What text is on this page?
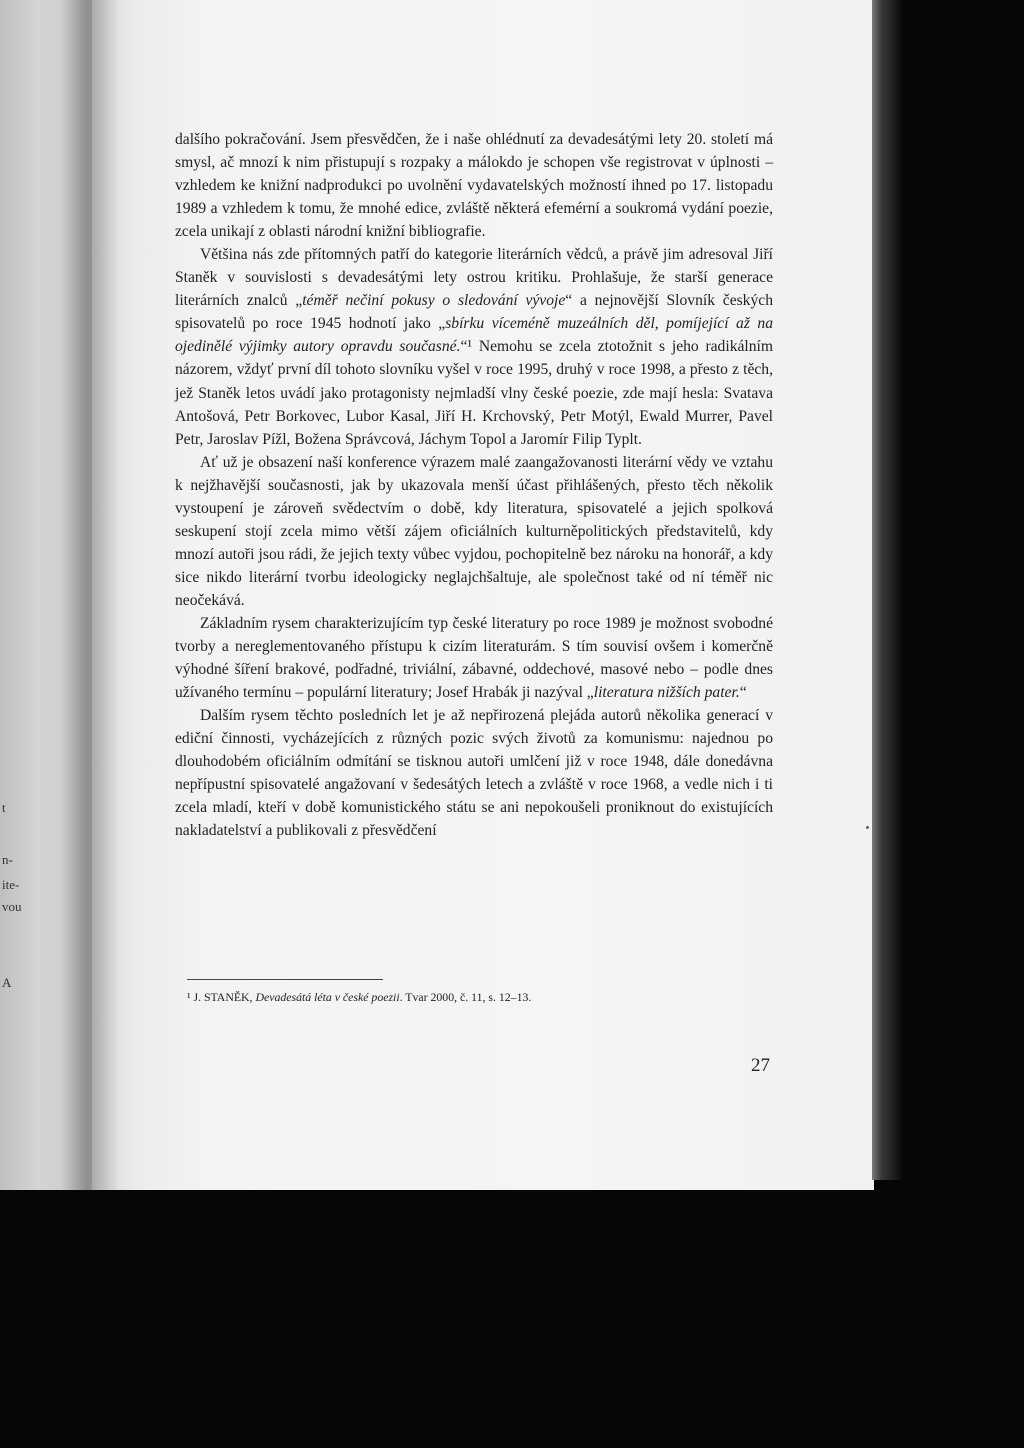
t
n-
ite-
vou
A

dalšího pokračování. Jsem přesvědčen, že i naše ohlédnutí za devadesátými lety 20. století má smysl, ač mnozí k nim přistupují s rozpaky a málokdo je schopen vše registrovat v úplnosti – vzhledem ke knižní nadprodukci po uvolnění vydavatelských možností ihned po 17. listopadu 1989 a vzhledem k tomu, že mnohé edice, zvláště některá efemérní a soukromá vydání poezie, zcela unikají z oblasti národní knižní bibliografie.

Většina nás zde přítomných patří do kategorie literárních vědců, a právě jim adresoval Jiří Staněk v souvislosti s devadesátými lety ostrou kritiku. Prohlašuje, že starší generace literárních znalců „téměř nečiní pokusy o sledování vývoje“ a nejnovější Slovník českých spisovatelů po roce 1945 hodnotí jako „sbírku víceméně muzeálních děl, pomíjející až na ojedinělé výjimky autory opravdu současné.“¹ Nemohu se zcela ztotožnit s jeho radikálním názorem, vždyť první díl tohoto slovníku vyšel v roce 1995, druhý v roce 1998, a přesto z těch, jež Staněk letos uvádí jako protagonisty nejmladší vlny české poezie, zde mají hesla: Svatava Antošová, Petr Borkovec, Lubor Kasal, Jiří H. Krchovský, Petr Motýl, Ewald Murrer, Pavel Petr, Jaroslav Pížl, Božena Správcová, Jáchym Topol a Jaromír Filip Typlt.

Ať už je obsazení naší konference výrazem malé zaangažovanosti literární vědy ve vztahu k nejžhavější současnosti, jak by ukazovala menší účast přihlášených, přesto těch několik vystoupení je zároveň svědectvím o době, kdy literatura, spisovatelé a jejich spolková seskupení stojí zcela mimo větší zájem oficiálních kulturněpolitických představitelů, kdy mnozí autoři jsou rádi, že jejich texty vůbec vyjdou, pochopitelně bez nároku na honorář, a kdy sice nikdo literární tvorbu ideologicky neglajchšaltuje, ale společnost také od ní téměř nic neočekává.

Základním rysem charakterizujícím typ české literatury po roce 1989 je možnost svobodné tvorby a nereglementovaného přístupu k cizím literaturám. S tím souvisí ovšem i komerčně výhodné šíření brakové, podřadné, triviální, zábavné, oddechové, masové nebo – podle dnes užívaného termínu – populární literatury; Josef Hrabák ji nazýval „literatura nižších pater.“

Dalším rysem těchto posledních let je až nepřirozená plejáda autorů několika generací v ediční činnosti, vycházejících z různých pozic svých životů za komunismu: najednou po dlouhodobém oficiálním odmítání se tisknou autoři umlčení již v roce 1948, dále donedávna nepřípustní spisovatelé angažovaní v šedesátých letech a zvláště v roce 1968, a vedle nich i ti zcela mladí, kteří v době komunistického státu se ani nepokoušeli proniknout do existujících nakladatelství a publikovali z přesvědčení

¹ J. STANĚK, Devadesátá léta v české poezii. Tvar 2000, č. 11, s. 12–13.
27
